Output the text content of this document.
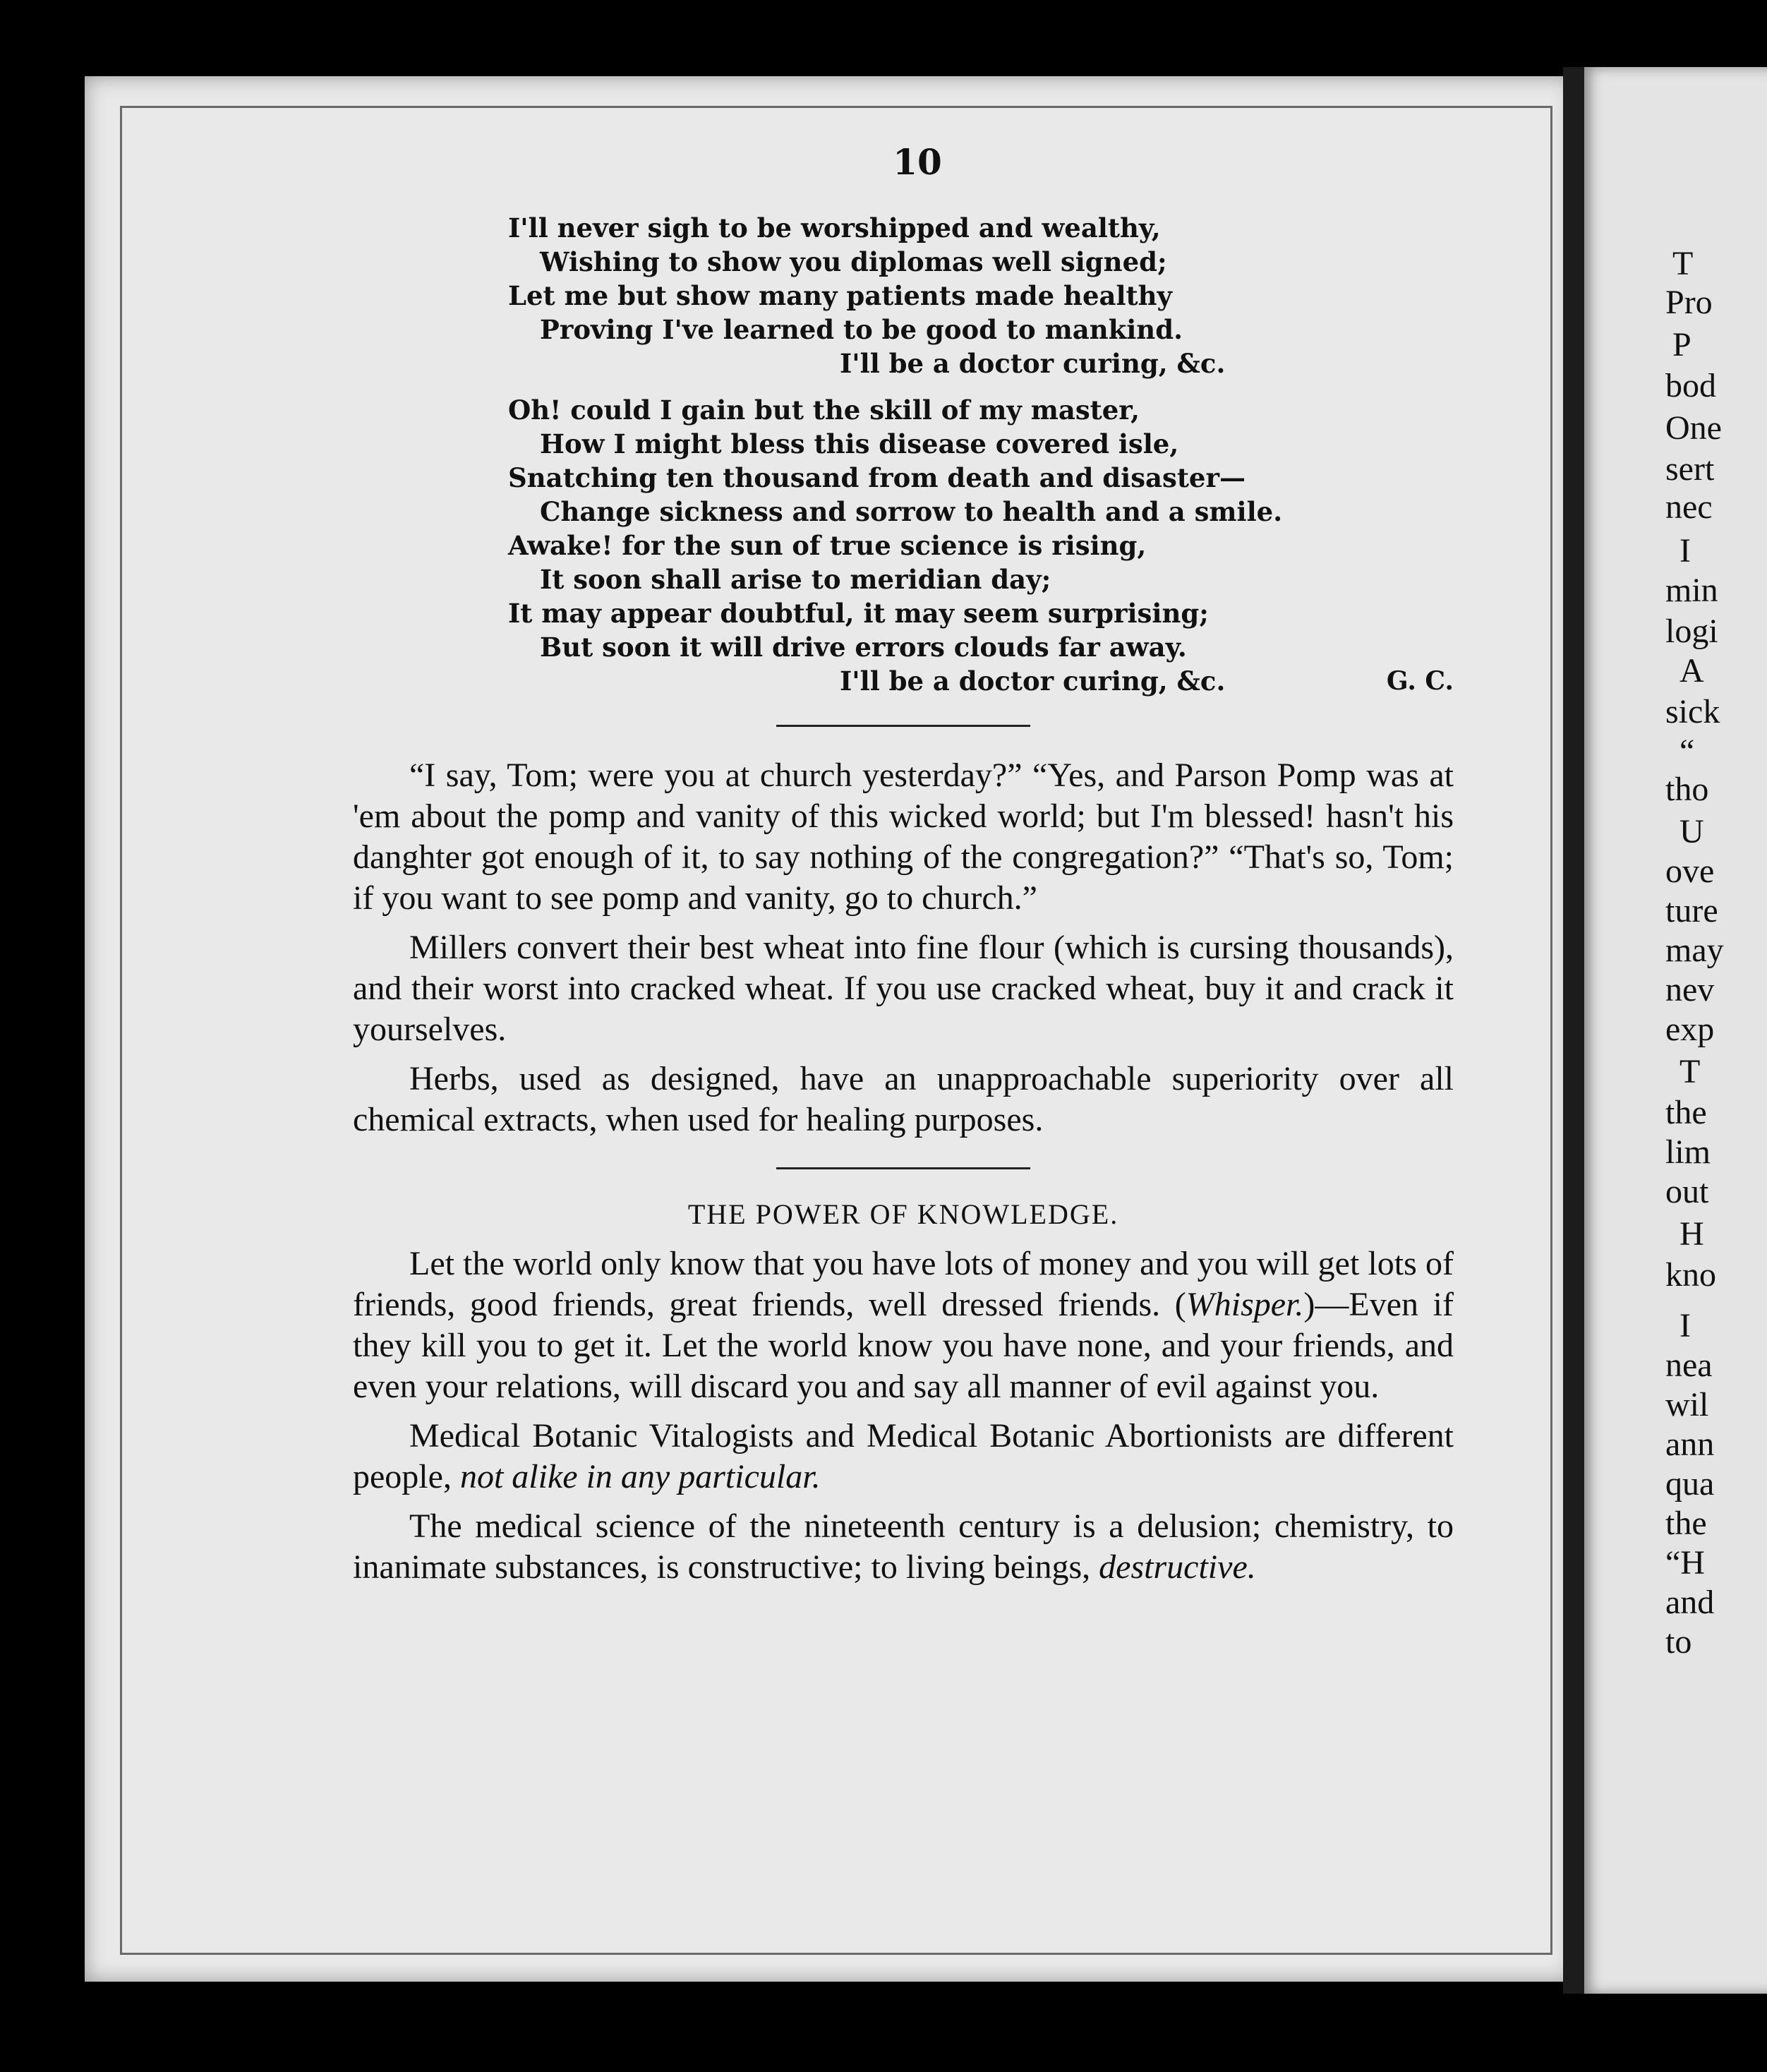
T
Pro
P
bod
One
sert
nec
I
min
logi
A
sick
“
tho
U
ove
ture
may
nev
exp
T
the
lim
out
H
kno
I
nea
wil
ann
qua
the
“H
and
to
10
I'll never sigh to be worshipped and wealthy,
Wishing to show you diplomas well signed;
Let me but show many patients made healthy
Proving I've learned to be good to mankind.
I'll be a doctor curing, &c.
Oh! could I gain but the skill of my master,
How I might bless this disease covered isle,
Snatching ten thousand from death and disaster—
Change sickness and sorrow to health and a smile.
Awake! for the sun of true science is rising,
It soon shall arise to meridian day;
It may appear doubtful, it may seem surprising;
But soon it will drive errors clouds far away.
I'll be a doctor curing, &c.	G. C.

“I say, Tom; were you at church yesterday?” “Yes, and Parson Pomp was at 'em about the pomp and vanity of this wicked world; but I'm blessed! hasn't his danghter got enough of it, to say nothing of the congregation?” “That's so, Tom; if you want to see pomp and vanity, go to church.”

Millers convert their best wheat into fine flour (which is cursing thousands), and their worst into cracked wheat. If you use cracked wheat, buy it and crack it yourselves.

Herbs, used as designed, have an unapproachable superiority over all chemical extracts, when used for healing purposes.

THE POWER OF KNOWLEDGE.

Let the world only know that you have lots of money and you will get lots of friends, good friends, great friends, well dressed friends. (Whisper.)—Even if they kill you to get it. Let the world know you have none, and your friends, and even your relations, will discard you and say all manner of evil against you.

Medical Botanic Vitalogists and Medical Botanic Abortionists are different people, not alike in any particular.

The medical science of the nineteenth century is a delusion; chemistry, to inanimate substances, is constructive; to living beings, destructive.
